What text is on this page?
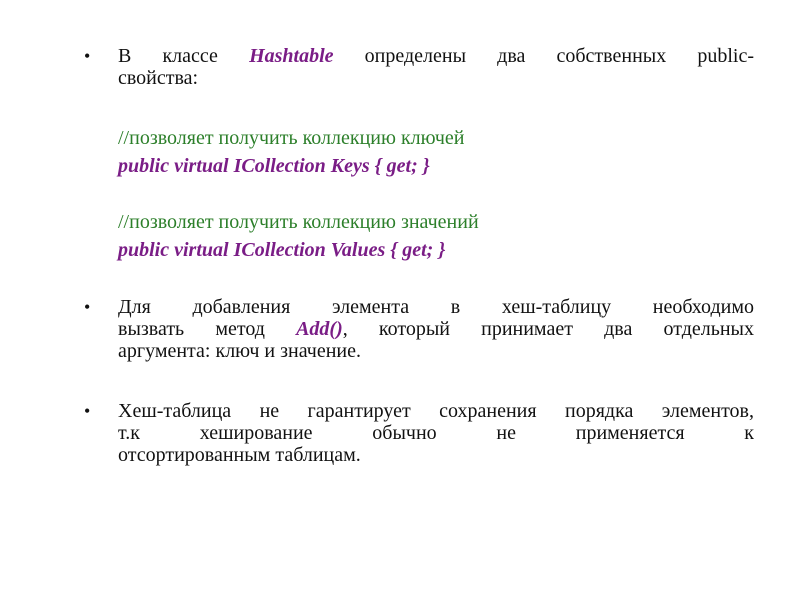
•	В классе Hashtable определены два собственных public-
свойства:
//позволяет получить коллекцию ключей
public virtual ICollection Keys { get; }
//позволяет получить коллекцию значений
public virtual ICollection Values { get; }
•	Для добавления элемента в хеш-таблицу необходимо
вызвать метод Add(), который принимает два отдельных
аргумента: ключ и значение.
•	Хеш-таблица не гарантирует сохранения порядка элементов,
т.к хеширование обычно не применяется к
отсортированным таблицам.
